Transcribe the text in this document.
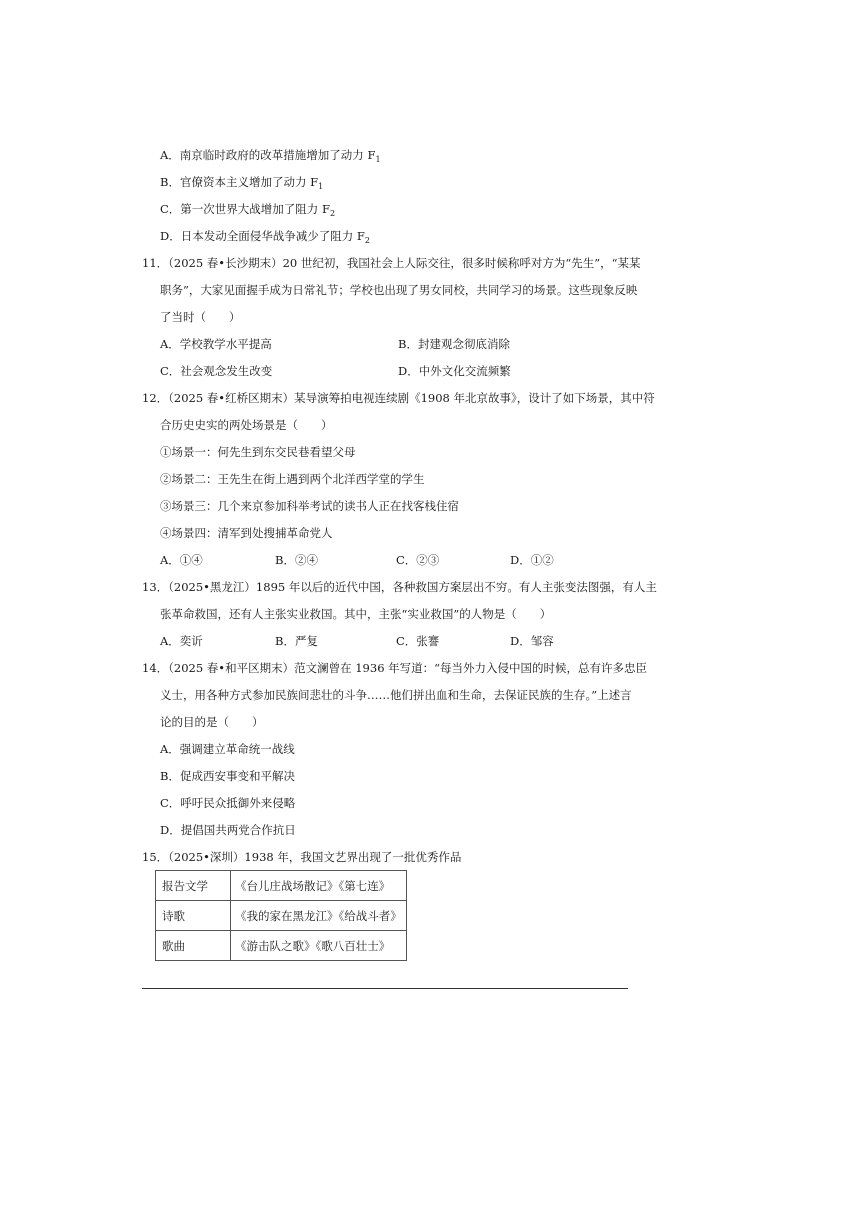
A．南京临时政府的改革措施增加了动力 $F_1$
B．官僚资本主义增加了动力 $F_1$
C．第一次世界大战增加了阻力 $F_2$
D．日本发动全面侵华战争减少了阻力 $F_2$
11．（2025 春•长沙期末）20 世纪初，我国社会上人际交往，很多时候称呼对方为“先生”，“某某
职务”，大家见面握手成为日常礼节；学校也出现了男女同校，共同学习的场景。这些现象反映
了当时（　　）
A．学校教学水平提高	B．封建观念彻底消除
C．社会观念发生改变	D．中外文化交流频繁
12．（2025 春•红桥区期末）某导演筹拍电视连续剧《1908 年北京故事》，设计了如下场景，其中符
合历史史实的两处场景是（　　）
①场景一：何先生到东交民巷看望父母
②场景二：王先生在街上遇到两个北洋西学堂的学生
③场景三：几个来京参加科举考试的读书人正在找客栈住宿
④场景四：清军到处搜捕革命党人
A．①④	B．②④	C．②③	D．①②
13．（2025•黑龙江）1895 年以后的近代中国，各种救国方案层出不穷。有人主张变法图强，有人主
张革命救国，还有人主张实业救国。其中，主张“实业救国”的人物是（　　）
A．奕䜣	B．严复	C．张謇	D．邹容
14．（2025 春•和平区期末）范文澜曾在 1936 年写道：“每当外力入侵中国的时候，总有许多忠臣
义士，用各种方式参加民族间悲壮的斗争……他们拼出血和生命，去保证民族的生存。”上述言
论的目的是（　　）
A．强调建立革命统一战线
B．促成西安事变和平解决
C．呼吁民众抵御外来侵略
D．提倡国共两党合作抗日
15．（2025•深圳）1938 年，我国文艺界出现了一批优秀作品
报告文学	《台儿庄战场散记》《第七连》
诗歌	《我的家在黑龙江》《给战斗者》
歌曲	《游击队之歌》《歌八百壮士》
